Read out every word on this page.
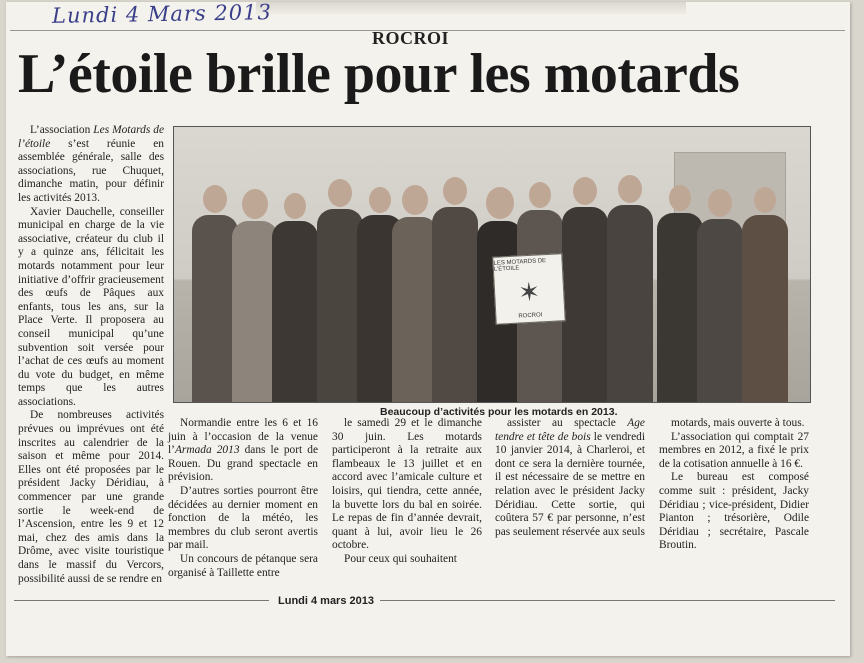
Lundi 4 Mars 2013
ROCROI
L’étoile brille pour les motards

L’association Les Motards de l’étoile s’est réunie en assemblée générale, salle des associations, rue Chuquet, dimanche matin, pour définir les activités 2013.

Xavier Dauchelle, conseiller municipal en charge de la vie associative, créateur du club il y a quinze ans, félicitait les motards notamment pour leur initiative d’offrir gracieusement des œufs de Pâques aux enfants, tous les ans, sur la Place Verte. Il proposera au conseil municipal qu’une subvention soit versée pour l’achat de ces œufs au moment du vote du budget, en même temps que les autres associations.

De nombreuses activités prévues ou imprévues ont été inscrites au calendrier de la saison et même pour 2014. Elles ont été proposées par le président Jacky Déridiau, à commencer par une grande sortie le week-end de l’Ascension, entre les 9 et 12 mai, chez des amis dans la Drôme, avec visite touristique dans le massif du Vercors, possibilité aussi de se rendre en

LES MOTARDS DE L’ÉTOILE
✶
ROCROI
Beaucoup d’activités pour les motards en 2013.

Normandie entre les 6 et 16 juin à l’occasion de la venue l’Armada 2013 dans le port de Rouen. Du grand spectacle en prévision.

D’autres sorties pourront être décidées au dernier moment en fonction de la météo, les membres du club seront avertis par mail.

Un concours de pétanque sera organisé à Taillette entre

le samedi 29 et le dimanche 30 juin. Les motards participeront à la retraite aux flambeaux le 13 juillet et en accord avec l’amicale culture et loisirs, qui tiendra, cette année, la buvette lors du bal en soirée. Le repas de fin d’année devrait, quant à lui, avoir lieu le 26 octobre.

Pour ceux qui souhaitent

assister au spectacle Age tendre et tête de bois le vendredi 10 janvier 2014, à Charleroi, et dont ce sera la dernière tournée, il est nécessaire de se mettre en relation avec le président Jacky Déridiau. Cette sortie, qui coûtera 57 € par personne, n’est pas seulement réservée aux seuls

motards, mais ouverte à tous.

L’association qui comptait 27 membres en 2012, a fixé le prix de la cotisation annuelle à 16 €.

Le bureau est composé comme suit : président, Jacky Déridiau ; vice-président, Didier Pianton ; trésorière, Odile Déridiau ; secrétaire, Pascale Broutin.

Lundi 4 mars 2013
